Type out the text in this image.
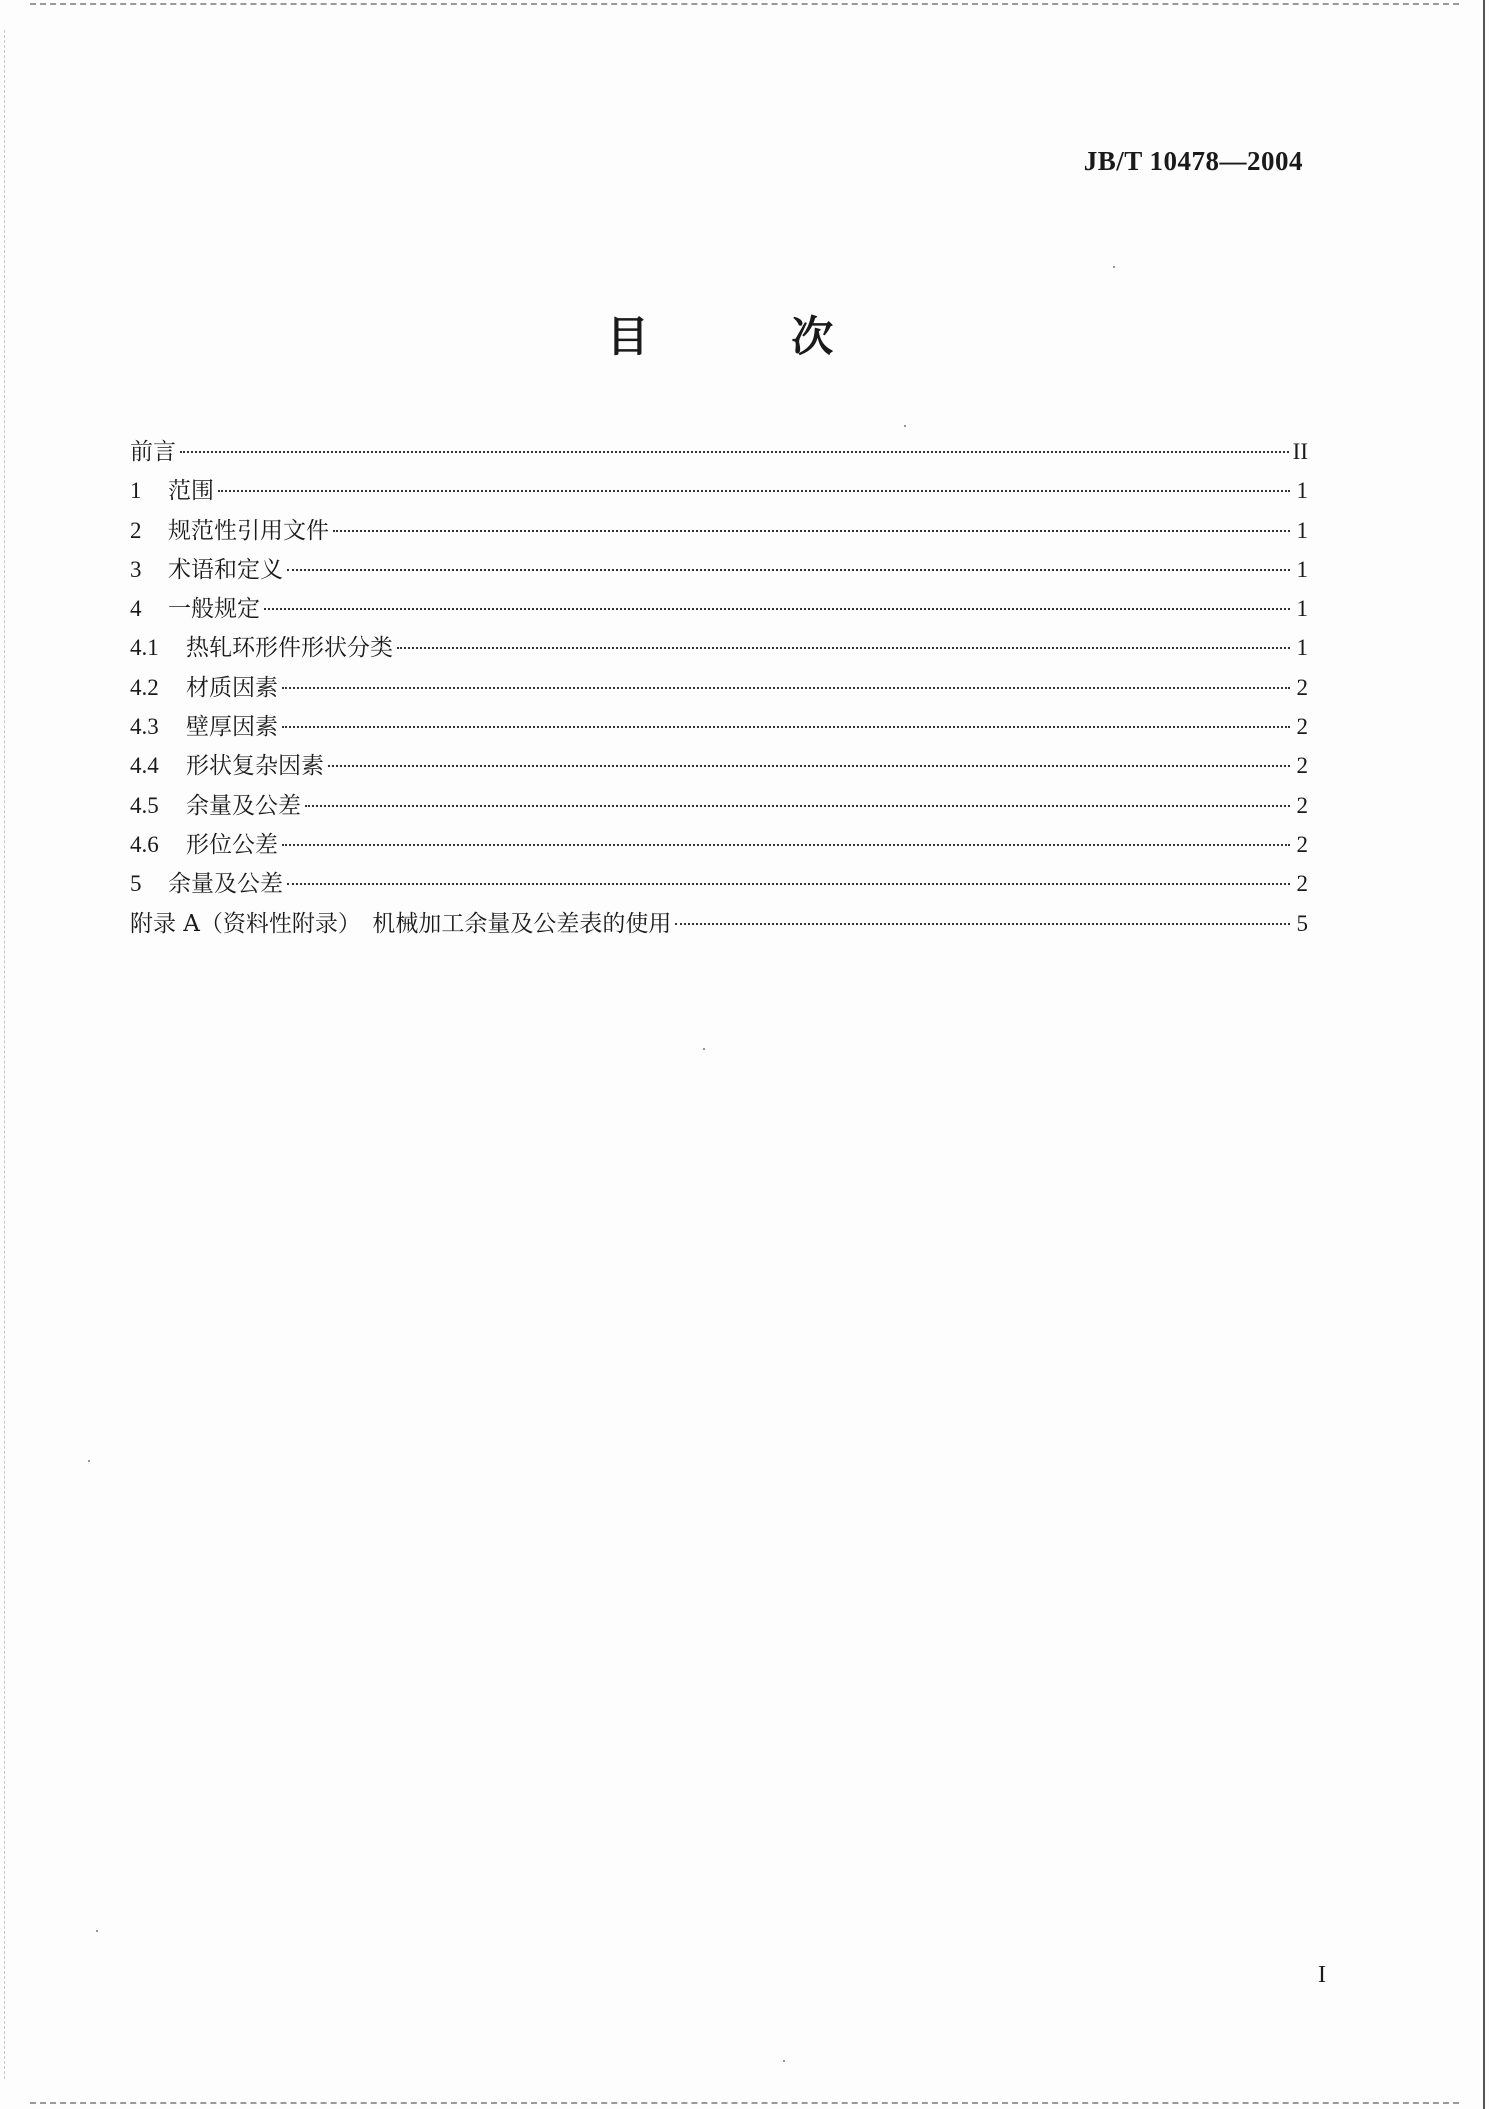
JB/T 10478—2004
目 次
前言	II
1	范围	1
2	规范性引用文件	1
3	术语和定义	1
4	一般规定	1
4.1	热轧环形件形状分类	1
4.2	材质因素	2
4.3	壁厚因素	2
4.4	形状复杂因素	2
4.5	余量及公差	2
4.6	形位公差	2
5	余量及公差	2
附录 A（资料性附录）　机械加工余量及公差表的使用	5
I
